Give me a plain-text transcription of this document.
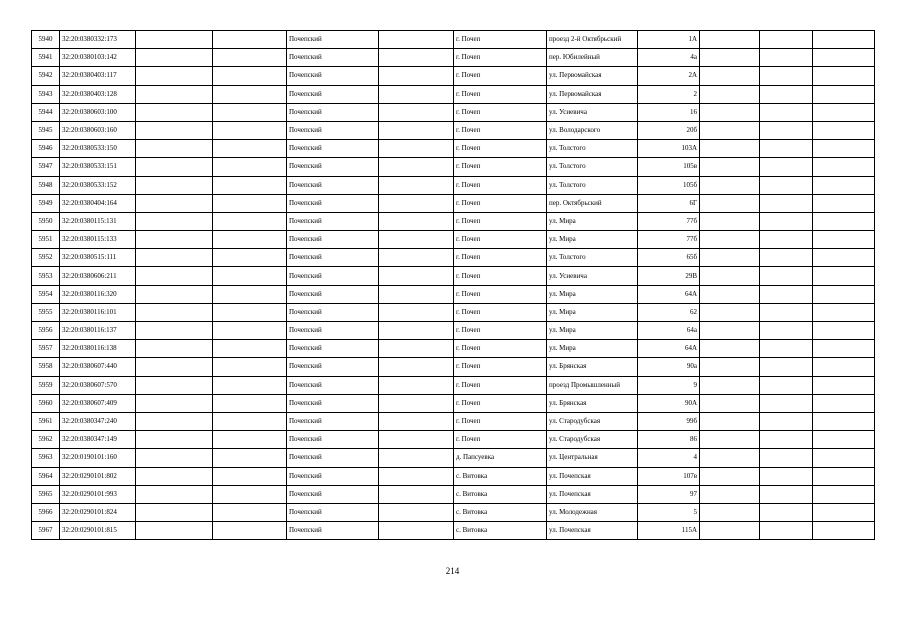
5940	32:20:0380332:173			Почепский		г. Почеп	проезд 2-й Октябрьский	1А			
5941	32:20:0380103:142			Почепский		г. Почеп	пер. Юбилейный	4а			
5942	32:20:0380403:117			Почепский		г. Почеп	ул. Первомайская	2А			
5943	32:20:0380403:128			Почепский		г. Почеп	ул. Первомайская	2			
5944	32:20:0380603:100			Почепский		г. Почеп	ул. Усиевича	16			
5945	32:20:0380603:160			Почепский		г. Почеп	ул. Володарского	20б			
5946	32:20:0380533:150			Почепский		г. Почеп	ул. Толстого	103А			
5947	32:20:0380533:151			Почепский		г. Почеп	ул. Толстого	105в			
5948	32:20:0380533:152			Почепский		г. Почеп	ул. Толстого	105б			
5949	32:20:0380404:164			Почепский		г. Почеп	пер. Октябрьский	6Г			
5950	32:20:0380115:131			Почепский		г. Почеп	ул. Мира	77б			
5951	32:20:0380115:133			Почепский		г. Почеп	ул. Мира	77б			
5952	32:20:0380515:111			Почепский		г. Почеп	ул. Толстого	65б			
5953	32:20:0380606:211			Почепский		г. Почеп	ул. Усиевича	29В			
5954	32:20:0380116:320			Почепский		г. Почеп	ул. Мира	64А			
5955	32:20:0380116:101			Почепский		г. Почеп	ул. Мира	62			
5956	32:20:0380116:137			Почепский		г. Почеп	ул. Мира	64а			
5957	32:20:0380116:138			Почепский		г. Почеп	ул. Мира	64А			
5958	32:20:0380607:440			Почепский		г. Почеп	ул. Брянская	90а			
5959	32:20:0380607:570			Почепский		г. Почеп	проезд Промышленный	9			
5960	32:20:0380607:409			Почепский		г. Почеп	ул. Брянская	90А			
5961	32:20:0380347:240			Почепский		г. Почеп	ул. Стародубская	99б			
5962	32:20:0380347:149			Почепский		г. Почеп	ул. Стародубская	86			
5963	32:20:0190101:160			Почепский		д. Папсуевка	ул. Центральная	4			
5964	32:20:0290101:802			Почепский		с. Витовка	ул. Почепская	107в			
5965	32:20:0290101:993			Почепский		с. Витовка	ул. Почепская	97			
5966	32:20:0290101:824			Почепский		с. Витовка	ул. Молодежная	5			
5967	32:20:0290101:815			Почепский		с. Витовка	ул. Почепская	115А			
214
